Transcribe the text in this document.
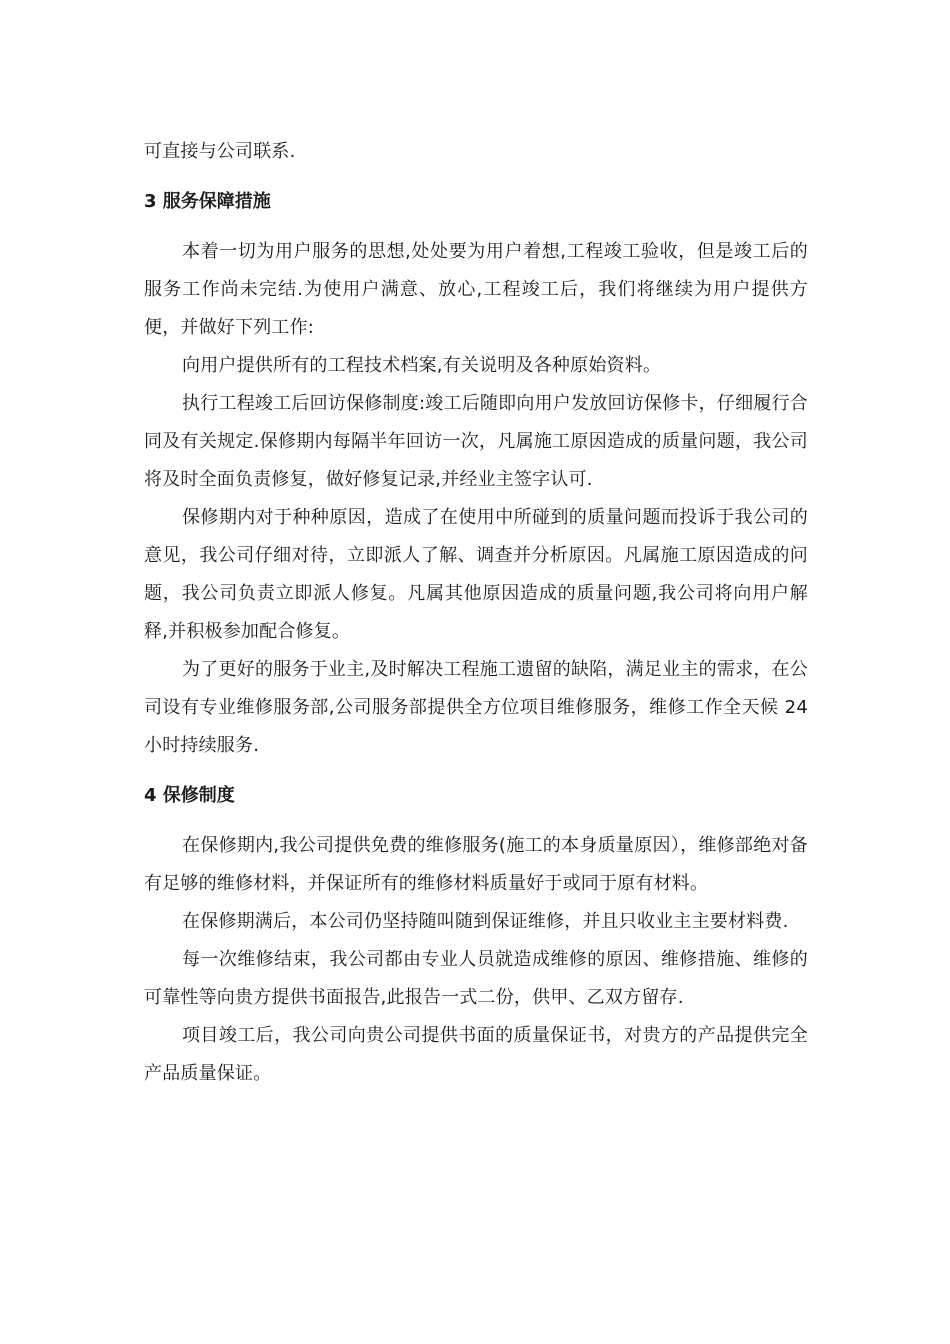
可直接与公司联系.

3 服务保障措施

本着一切为用户服务的思想,处处要为用户着想,工程竣工验收，但是竣工后的服务工作尚未完结.为使用户满意、放心,工程竣工后，我们将继续为用户提供方便，并做好下列工作:

向用户提供所有的工程技术档案,有关说明及各种原始资料。

执行工程竣工后回访保修制度:竣工后随即向用户发放回访保修卡，仔细履行合同及有关规定.保修期内每隔半年回访一次，凡属施工原因造成的质量问题，我公司将及时全面负责修复，做好修复记录,并经业主签字认可.

保修期内对于种种原因，造成了在使用中所碰到的质量问题而投诉于我公司的意见，我公司仔细对待，立即派人了解、调查并分析原因。凡属施工原因造成的问题，我公司负责立即派人修复。凡属其他原因造成的质量问题,我公司将向用户解释,并积极参加配合修复。

为了更好的服务于业主,及时解决工程施工遗留的缺陷，满足业主的需求，在公司设有专业维修服务部,公司服务部提供全方位项目维修服务，维修工作全天候 24 小时持续服务.

4 保修制度

在保修期内,我公司提供免费的维修服务(施工的本身质量原因），维修部绝对备有足够的维修材料，并保证所有的维修材料质量好于或同于原有材料。

在保修期满后，本公司仍坚持随叫随到保证维修，并且只收业主主要材料费.

每一次维修结束，我公司都由专业人员就造成维修的原因、维修措施、维修的可靠性等向贵方提供书面报告,此报告一式二份，供甲、乙双方留存.

项目竣工后，我公司向贵公司提供书面的质量保证书，对贵方的产品提供完全产品质量保证。
